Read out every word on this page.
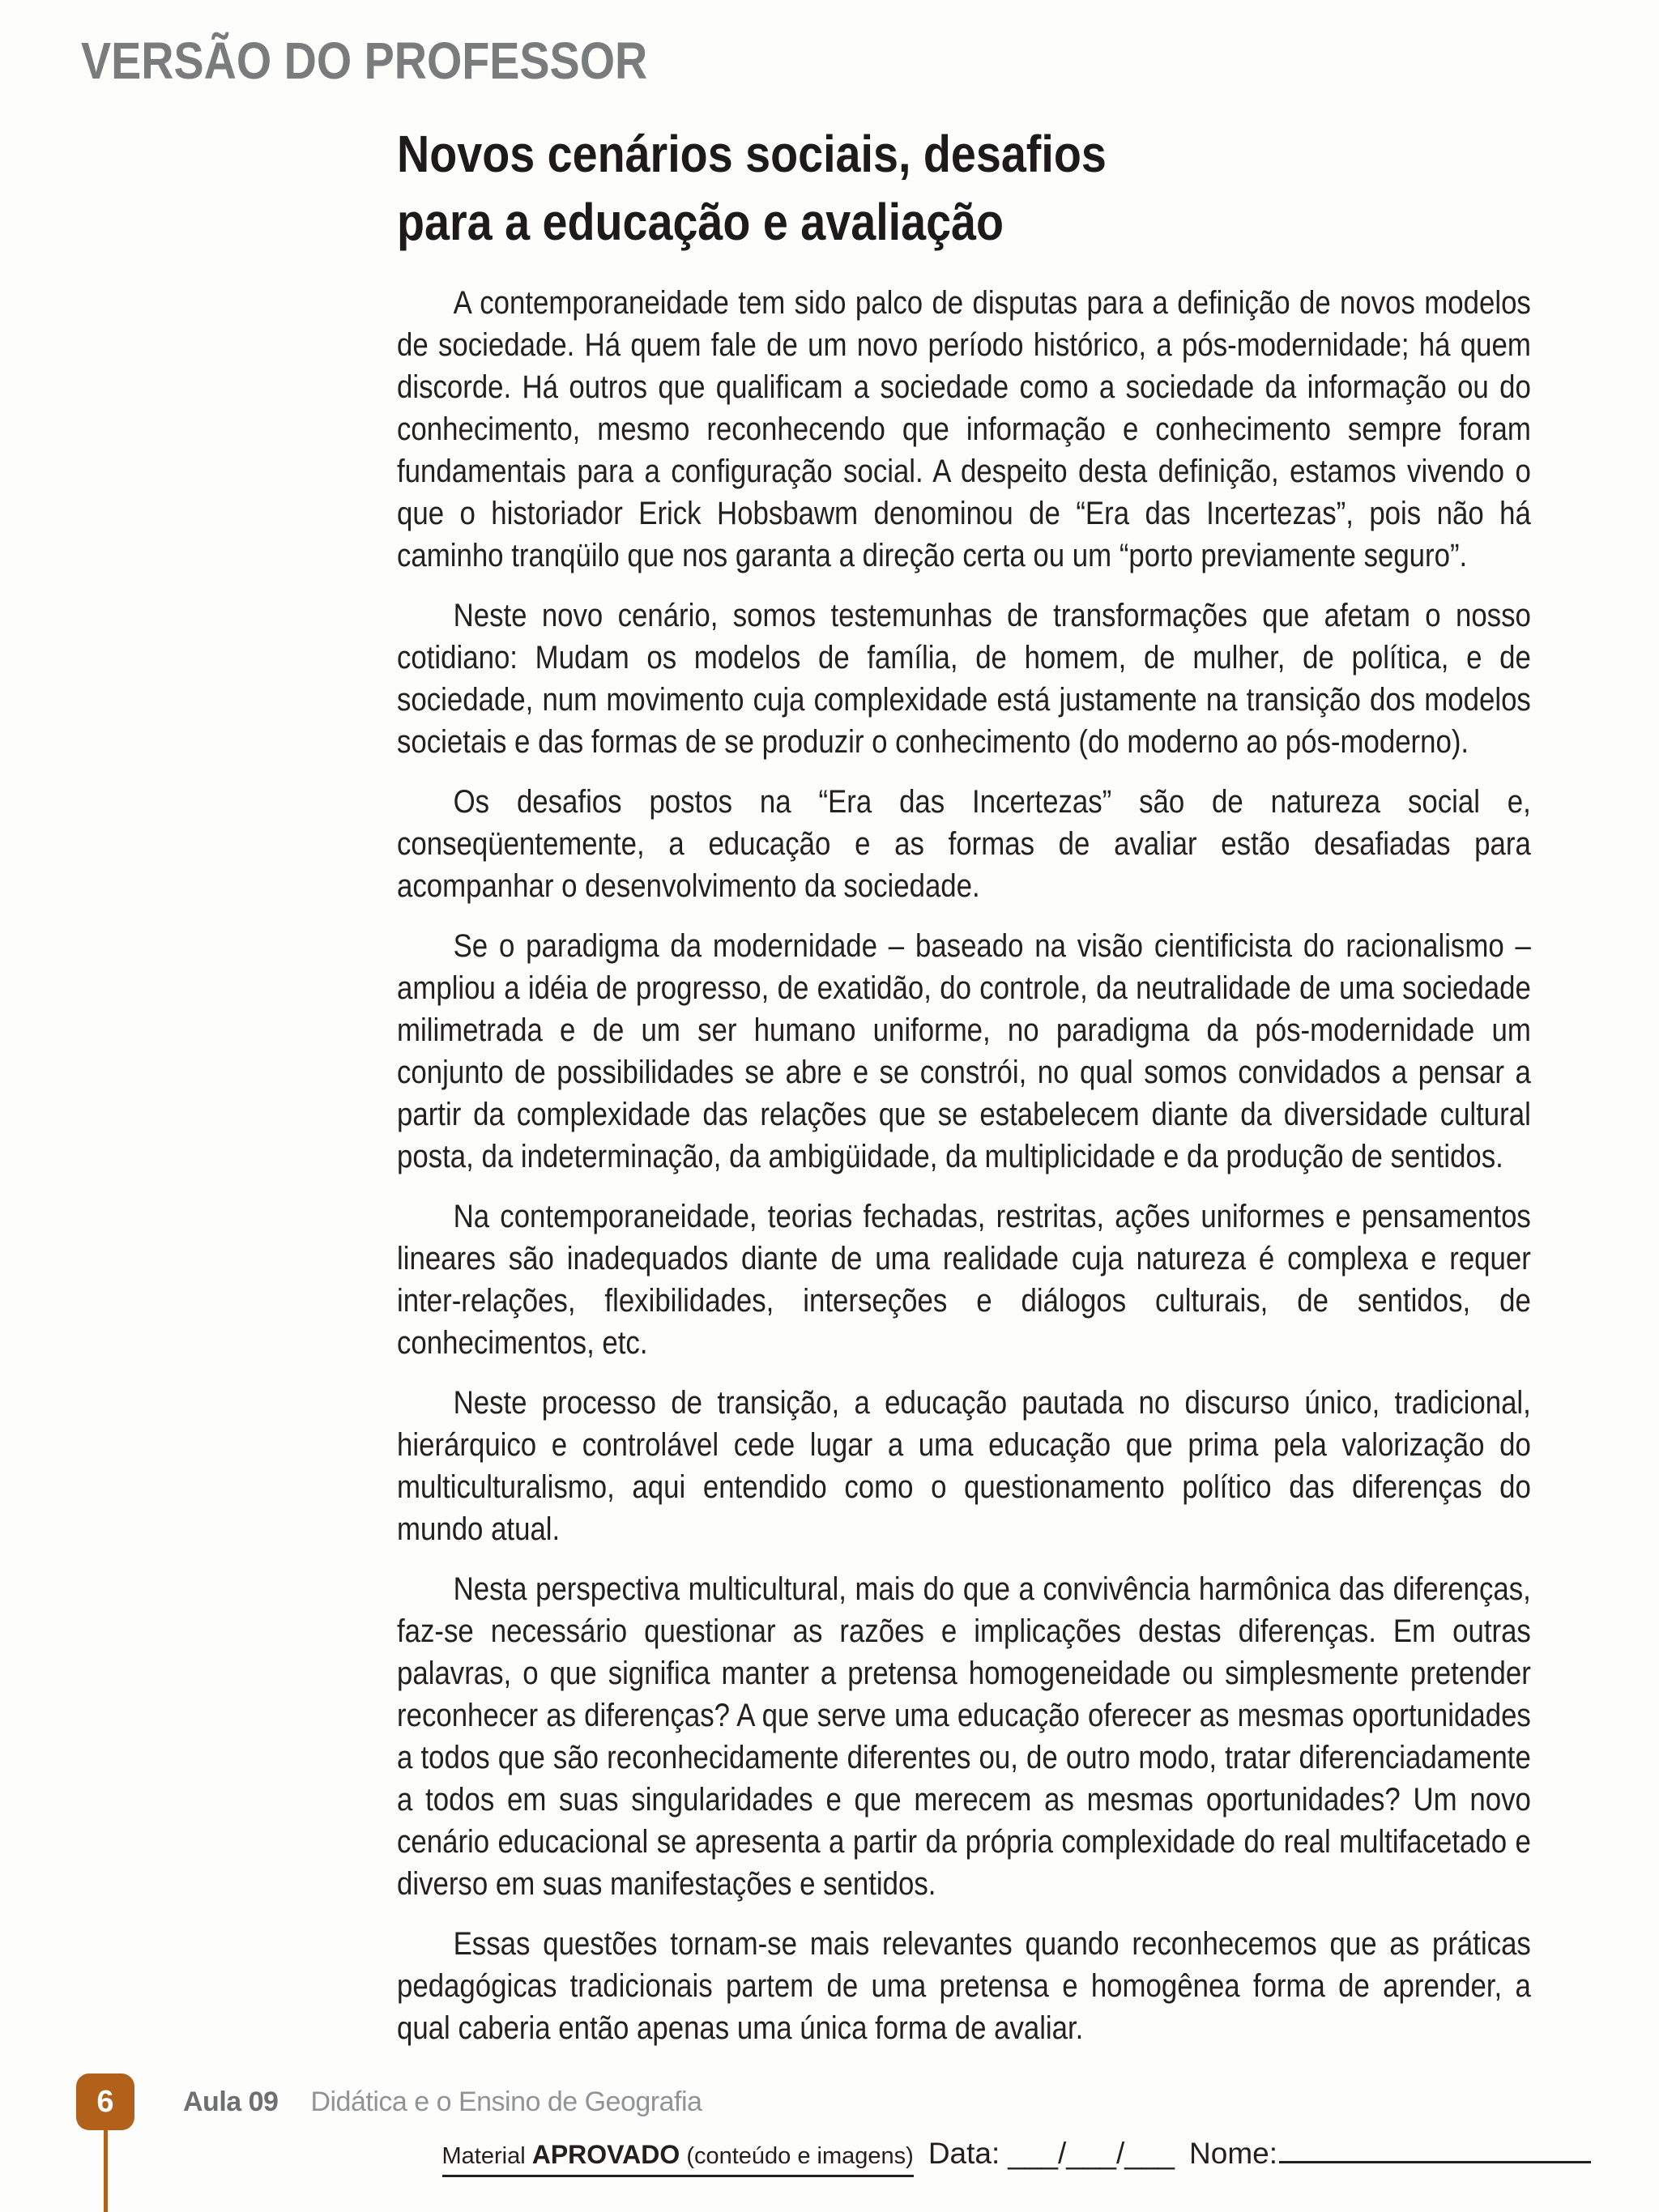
VERSÃO DO PROFESSOR
Novos cenários sociais, desafios
para a educação e avaliação

A contemporaneidade tem sido palco de disputas para a definição de novos modelos de sociedade. Há quem fale de um novo período histórico, a pós-modernidade; há quem discorde. Há outros que qualificam a sociedade como a sociedade da informação ou do conhecimento, mesmo reconhecendo que informação e conhecimento sempre foram fundamentais para a configuração social. A despeito desta definição, estamos vivendo o que o historiador Erick Hobsbawm denominou de “Era das Incertezas”, pois não há caminho tranqüilo que nos garanta a direção certa ou um “porto previamente seguro”.

Neste novo cenário, somos testemunhas de transformações que afetam o nosso cotidiano: Mudam os modelos de família, de homem, de mulher, de política, e de sociedade, num movimento cuja complexidade está justamente na transição dos modelos societais e das formas de se produzir o conhecimento (do moderno ao pós-moderno).

Os desafios postos na “Era das Incertezas” são de natureza social e, conseqüentemente, a educação e as formas de avaliar estão desafiadas para acompanhar o desenvolvimento da sociedade.

Se o paradigma da modernidade – baseado na visão cientificista do racionalismo – ampliou a idéia de progresso, de exatidão, do controle, da neutralidade de uma sociedade milimetrada e de um ser humano uniforme, no paradigma da pós-modernidade um conjunto de possibilidades se abre e se constrói, no qual somos convidados a pensar a partir da complexidade das relações que se estabelecem diante da diversidade cultural posta, da indeterminação, da ambigüidade, da multiplicidade e da produção de sentidos.

Na contemporaneidade, teorias fechadas, restritas, ações uniformes e pensamentos lineares são inadequados diante de uma realidade cuja natureza é complexa e requer inter-relações, flexibilidades, interseções e diálogos culturais, de sentidos, de conhecimentos, etc.

Neste processo de transição, a educação pautada no discurso único, tradicional, hierárquico e controlável cede lugar a uma educação que prima pela valorização do multiculturalismo, aqui entendido como o questionamento político das diferenças do mundo atual.

Nesta perspectiva multicultural, mais do que a convivência harmônica das diferenças, faz-se necessário questionar as razões e implicações destas diferenças. Em outras palavras, o que significa manter a pretensa homogeneidade ou simplesmente pretender reconhecer as diferenças? A que serve uma educação oferecer as mesmas oportunidades a todos que são reconhecidamente diferentes ou, de outro modo, tratar diferenciadamente a todos em suas singularidades e que merecem as mesmas oportunidades? Um novo cenário educacional se apresenta a partir da própria complexidade do real multifacetado e diverso em suas manifestações e sentidos.

Essas questões tornam-se mais relevantes quando reconhecemos que as práticas pedagógicas tradicionais partem de uma pretensa e homogênea forma de aprender, a qual caberia então apenas uma única forma de avaliar.

6	Aula 09 Didática e o Ensino de Geografia
Material APROVADO (conteúdo e imagens) Data: ___/___/___ Nome:
